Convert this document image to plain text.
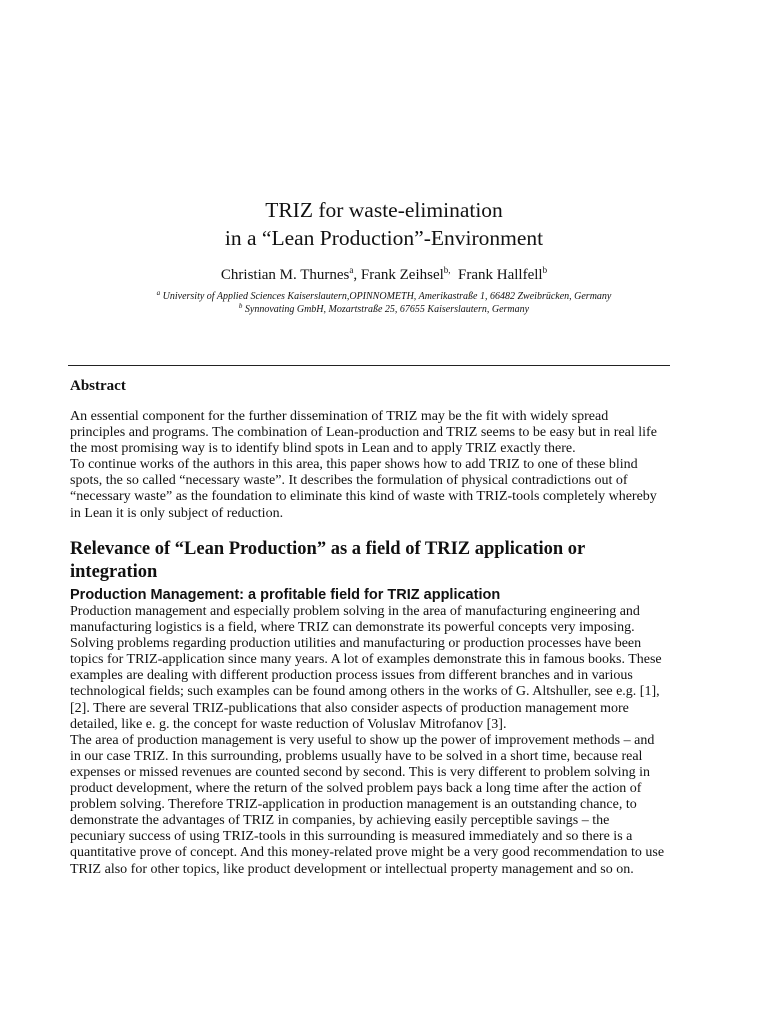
TRIZ for waste-elimination
in a “Lean Production”-Environment
Christian M. Thurnes$^a$, Frank Zeihsel$^{b,}$ Frank Hallfell$^b$
$^a$ University of Applied Sciences Kaiserslautern,OPINNOMETH, Amerikastraße 1, 66482 Zweibrücken, Germany
$^b$ Synnovating GmbH, Mozartstraße 25, 67655 Kaiserslautern, Germany
Abstract

An essential component for the further dissemination of TRIZ may be the fit with widely spread

principles and programs. The combination of Lean-production and TRIZ seems to be easy but in real life

the most promising way is to identify blind spots in Lean and to apply TRIZ exactly there.

To continue works of the authors in this area, this paper shows how to add TRIZ to one of these blind

spots, the so called “necessary waste”. It describes the formulation of physical contradictions out of

“necessary waste” as the foundation to eliminate this kind of waste with TRIZ-tools completely whereby

in Lean it is only subject of reduction.

Relevance of “Lean Production” as a field of TRIZ application or
integration
Production Management: a profitable field for TRIZ application

Production management and especially problem solving in the area of manufacturing engineering and

manufacturing logistics is a field, where TRIZ can demonstrate its powerful concepts very imposing.

Solving problems regarding production utilities and manufacturing or production processes have been

topics for TRIZ-application since many years. A lot of examples demonstrate this in famous books. These

examples are dealing with different production process issues from different branches and in various

technological fields; such examples can be found among others in the works of G. Altshuller, see e.g. [1],

[2]. There are several TRIZ-publications that also consider aspects of production management more

detailed, like e. g. the concept for waste reduction of Voluslav Mitrofanov [3].

The area of production management is very useful to show up the power of improvement methods – and

in our case TRIZ. In this surrounding, problems usually have to be solved in a short time, because real

expenses or missed revenues are counted second by second. This is very different to problem solving in

product development, where the return of the solved problem pays back a long time after the action of

problem solving. Therefore TRIZ-application in production management is an outstanding chance, to

demonstrate the advantages of TRIZ in companies, by achieving easily perceptible savings – the

pecuniary success of using TRIZ-tools in this surrounding is measured immediately and so there is a

quantitative prove of concept. And this money-related prove might be a very good recommendation to use

TRIZ also for other topics, like product development or intellectual property management and so on.
